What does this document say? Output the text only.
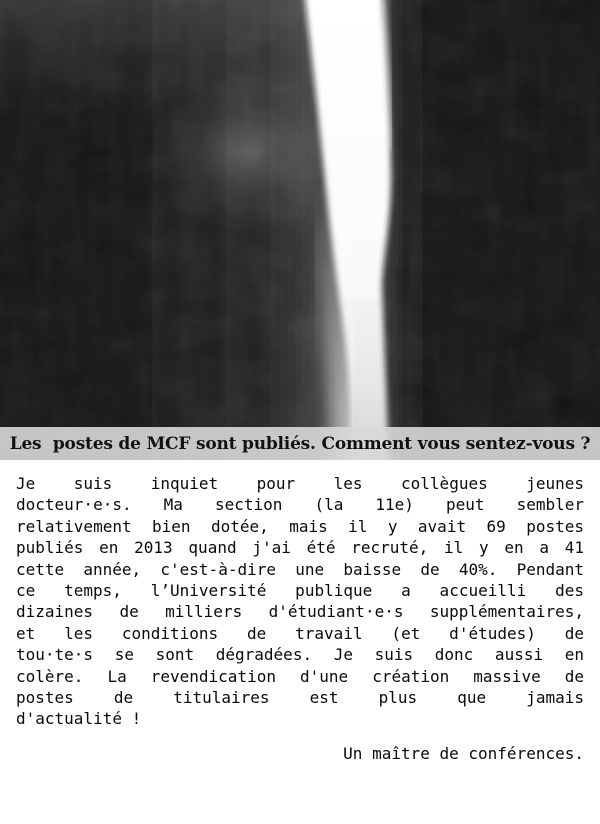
Les  postes de MCF sont publiés. Comment vous sentez-vous ?
Je suis inquiet pour les collègues jeunes
docteur·e·s. Ma section (la 11e) peut sembler
relativement bien dotée, mais il y avait 69 postes
publiés en 2013 quand j'ai été recruté, il y en a 41
cette année, c'est-à-dire une baisse de 40%. Pendant
ce temps, l’Université publique a accueilli des
dizaines de milliers d'étudiant·e·s supplémentaires,
et les conditions de travail (et d'études) de
tou·te·s se sont dégradées. Je suis donc aussi en
colère. La revendication d'une création massive de
postes de titulaires est plus que jamais
d'actualité !
Un maître de conférences.
